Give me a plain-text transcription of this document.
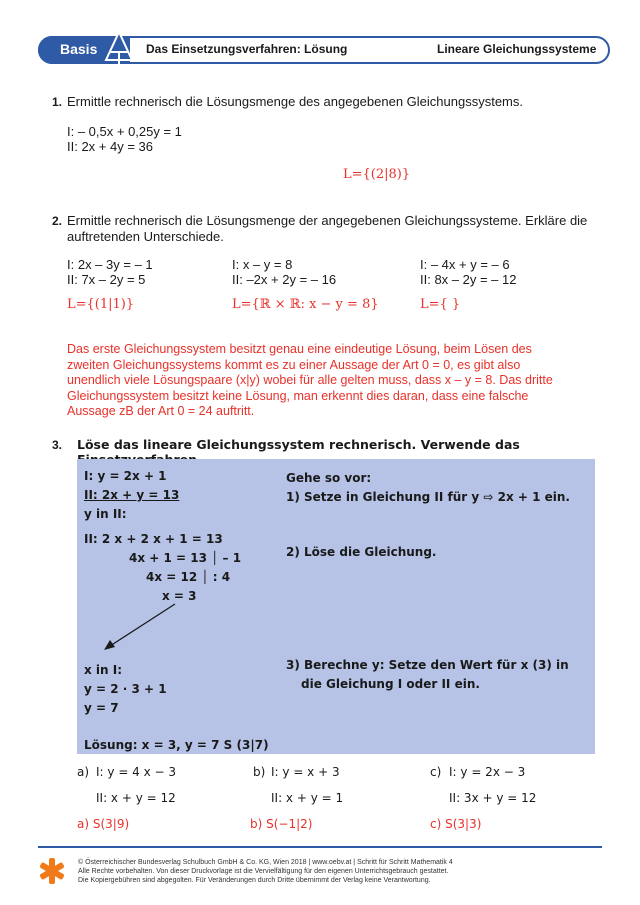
Basis	Das Einsetzungsverfahren: Lösung	Lineare Gleichungssysteme
1. Ermittle rechnerisch die Lösungsmenge des angegebenen Gleichungssystems.
I: – 0,5x + 0,25y = 1
II: 2x + 4y = 36
L={(2|8)}
2. Ermittle rechnerisch die Lösungsmenge der angegebenen Gleichungssysteme. Erkläre die
auftretenden Unterschiede.
I: 2x – 3y = – 1
II: 7x – 2y = 5
L={(1|1)}
I: x – y = 8
II: –2x + 2y = – 16
L={ℝ × ℝ: x − y = 8}
I: – 4x + y = – 6
II: 8x – 2y = – 12
L={ }
Das erste Gleichungssystem besitzt genau eine eindeutige Lösung, beim Lösen des
zweiten Gleichungssystems kommt es zu einer Aussage der Art 0 = 0, es gibt also
unendlich viele Lösungspaare (x|y) wobei für alle gelten muss, dass x – y = 8. Das dritte
Gleichungssystem besitzt keine Lösung, man erkennt dies daran, dass eine falsche
Aussage zB der Art 0 = 24 auftritt.
3. Löse das lineare Gleichungssystem rechnerisch. Verwende das
I: y = 2x + 1
II: 2x + y = 13
y in II:
II: 2 x + 2 x + 1 = 13
4x + 1 = 13 │ – 1
4x = 12 │ : 4
x = 3
x in I:
y = 2 · 3 + 1
y = 7
Lösung: x = 3, y = 7 S (3|7)
Gehe so vor:
1) Setze in Gleichung II für y ⇨ 2x + 1 ein.
2) Löse die Gleichung.
3) Berechne y: Setze den Wert für x (3) in
die Gleichung I oder II ein.
a) I: y = 4 x − 3
II: x + y = 12
a) S(3|9)
b) I: y = x + 3
II: x + y = 1
b) S(−1|2)
c) I: y = 2x − 3
II: 3x + y = 12
c) S(3|3)
© Österreichischer Bundesverlag Schulbuch GmbH & Co. KG, Wien 2018 | www.oebv.at | Schritt für Schritt Mathematik 4
Alle Rechte vorbehalten. Von dieser Druckvorlage ist die Vervielfältigung für den eigenen Unterrichtsgebrauch gestattet.
Die Kopiergebühren sind abgegolten. Für Veränderungen durch Dritte übernimmt der Verlag keine Verantwortung.
